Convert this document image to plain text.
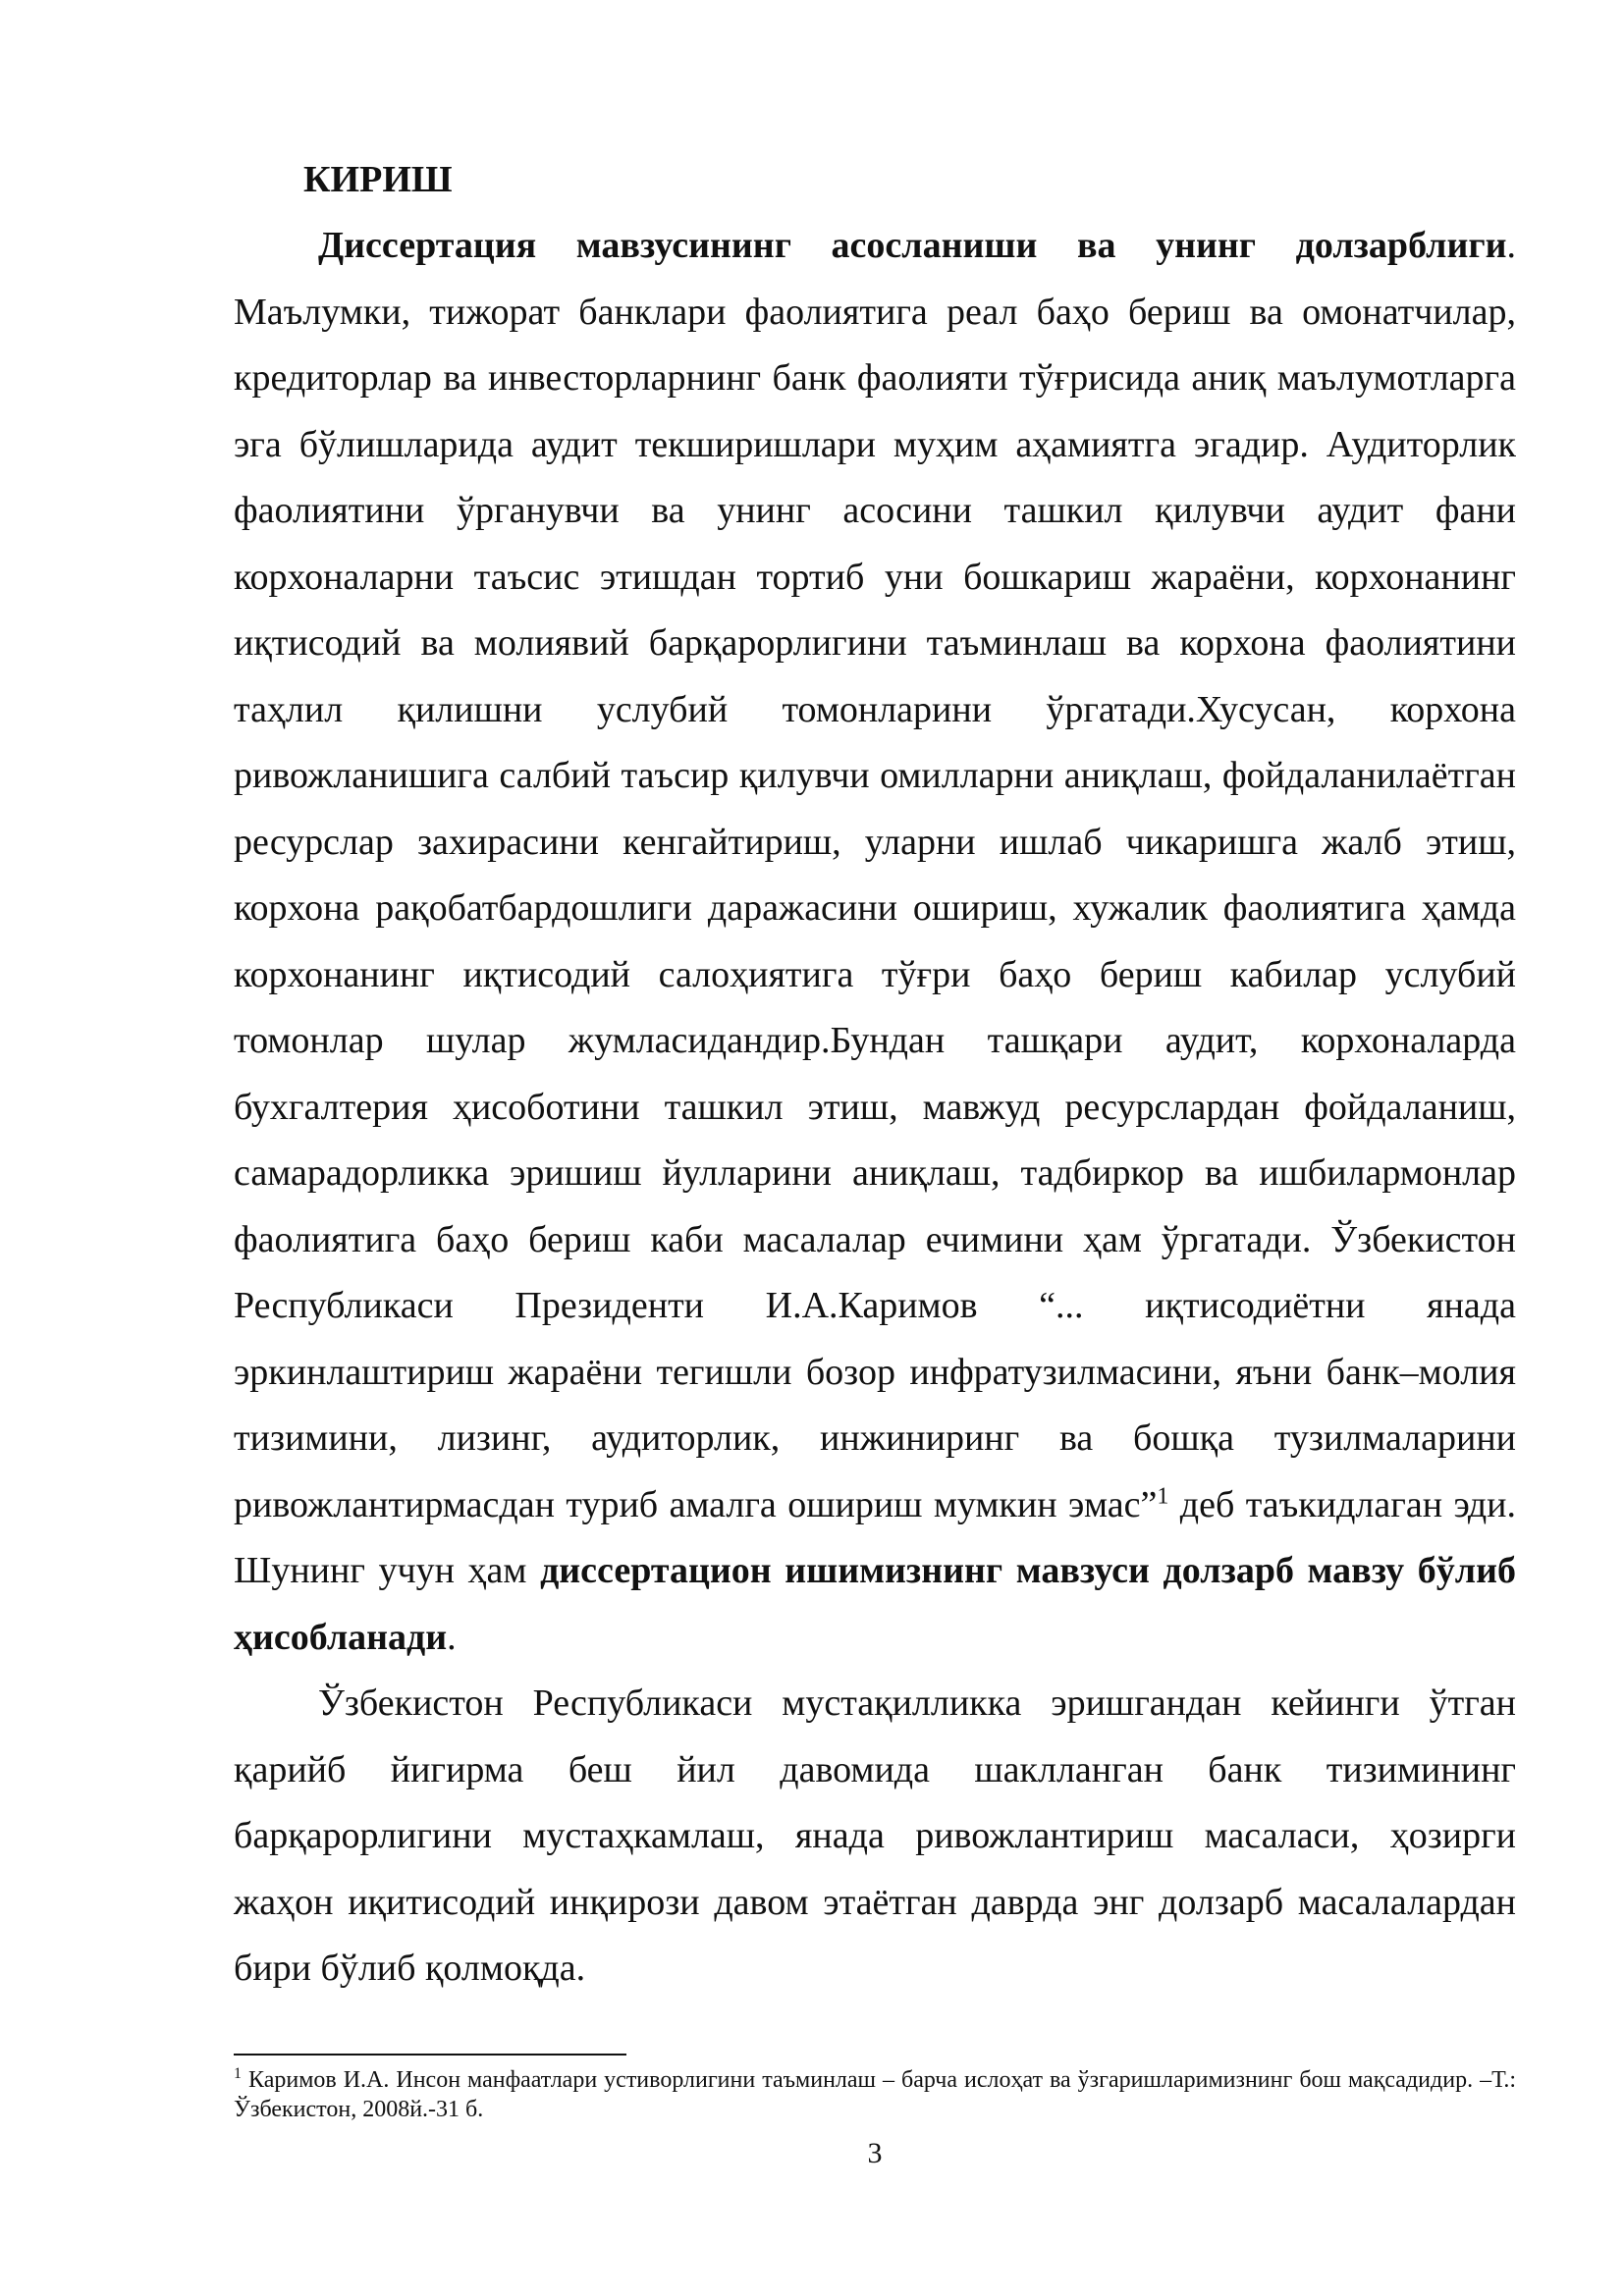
КИРИШ

Диссертация мавзусининг асосланиши ва унинг долзарблиги. Маълумки, тижорат банклари фаолиятига реал баҳо бериш ва омонатчилар, кредиторлар ва инвесторларнинг банк фаолияти тўғрисида аниқ маълумотларга эга бўлишларида аудит текширишлари муҳим аҳамиятга эгадир. Аудиторлик фаолиятини ўрганувчи ва унинг асосини ташкил қилувчи аудит фани корхоналарни таъсис этишдан тортиб уни бошкариш жараёни, корхонанинг иқтисодий ва молиявий барқарорлигини таъминлаш ва корхона фаолиятини таҳлил қилишни услубий томонларини ўргатади.Хусусан, корхона ривожланишига салбий таъсир қилувчи омилларни аниқлаш, фойдаланилаётган ресурслар захирасини кенгайтириш, уларни ишлаб чикаришга жалб этиш, корхона рақобатбардошлиги даражасини ошириш, хужалик фаолиятига ҳамда корхонанинг иқтисодий салоҳиятига тўғри баҳо бериш кабилар услубий томонлар шулар жумласидандир.Бундан ташқари аудит, корхоналарда бухгалтерия ҳисоботини ташкил этиш, мавжуд ресурслардан фойдаланиш, самарадорликка эришиш йулларини аниқлаш, тадбиркор ва ишбилармонлар фаолиятига баҳо бериш каби масалалар ечимини ҳам ўргатади. Ўзбекистон Республикаси Президенти И.А.Каримов “... иқтисодиётни янада эркинлаштириш жараёни тегишли бозор инфратузилмасини, яъни банк–молия тизимини, лизинг, аудиторлик, инжиниринг ва бошқа тузилмаларини ривожлантирмасдан туриб амалга ошириш мумкин эмас”$^1$ деб таъкидлаган эди. Шунинг учун ҳам диссертацион ишимизнинг мавзуси долзарб мавзу бўлиб ҳисобланади.

Ўзбекистон Республикаси мустақилликка эришгандан кейинги ўтган қарийб йигирма беш йил давомида шаклланган банк тизимининг барқарорлигини мустаҳкамлаш, янада ривожлантириш масаласи, ҳозирги жаҳон иқитисодий инқирози давом этаётган даврда энг долзарб масалалардан бири бўлиб қолмоқда.

$^1$ Каримов И.А. Инсон манфаатлари устиворлигини таъминлаш – барча ислоҳат ва ўзгаришларимизнинг бош мақсадидир. –Т.: Ўзбекистон, 2008й.-31 б.
3
